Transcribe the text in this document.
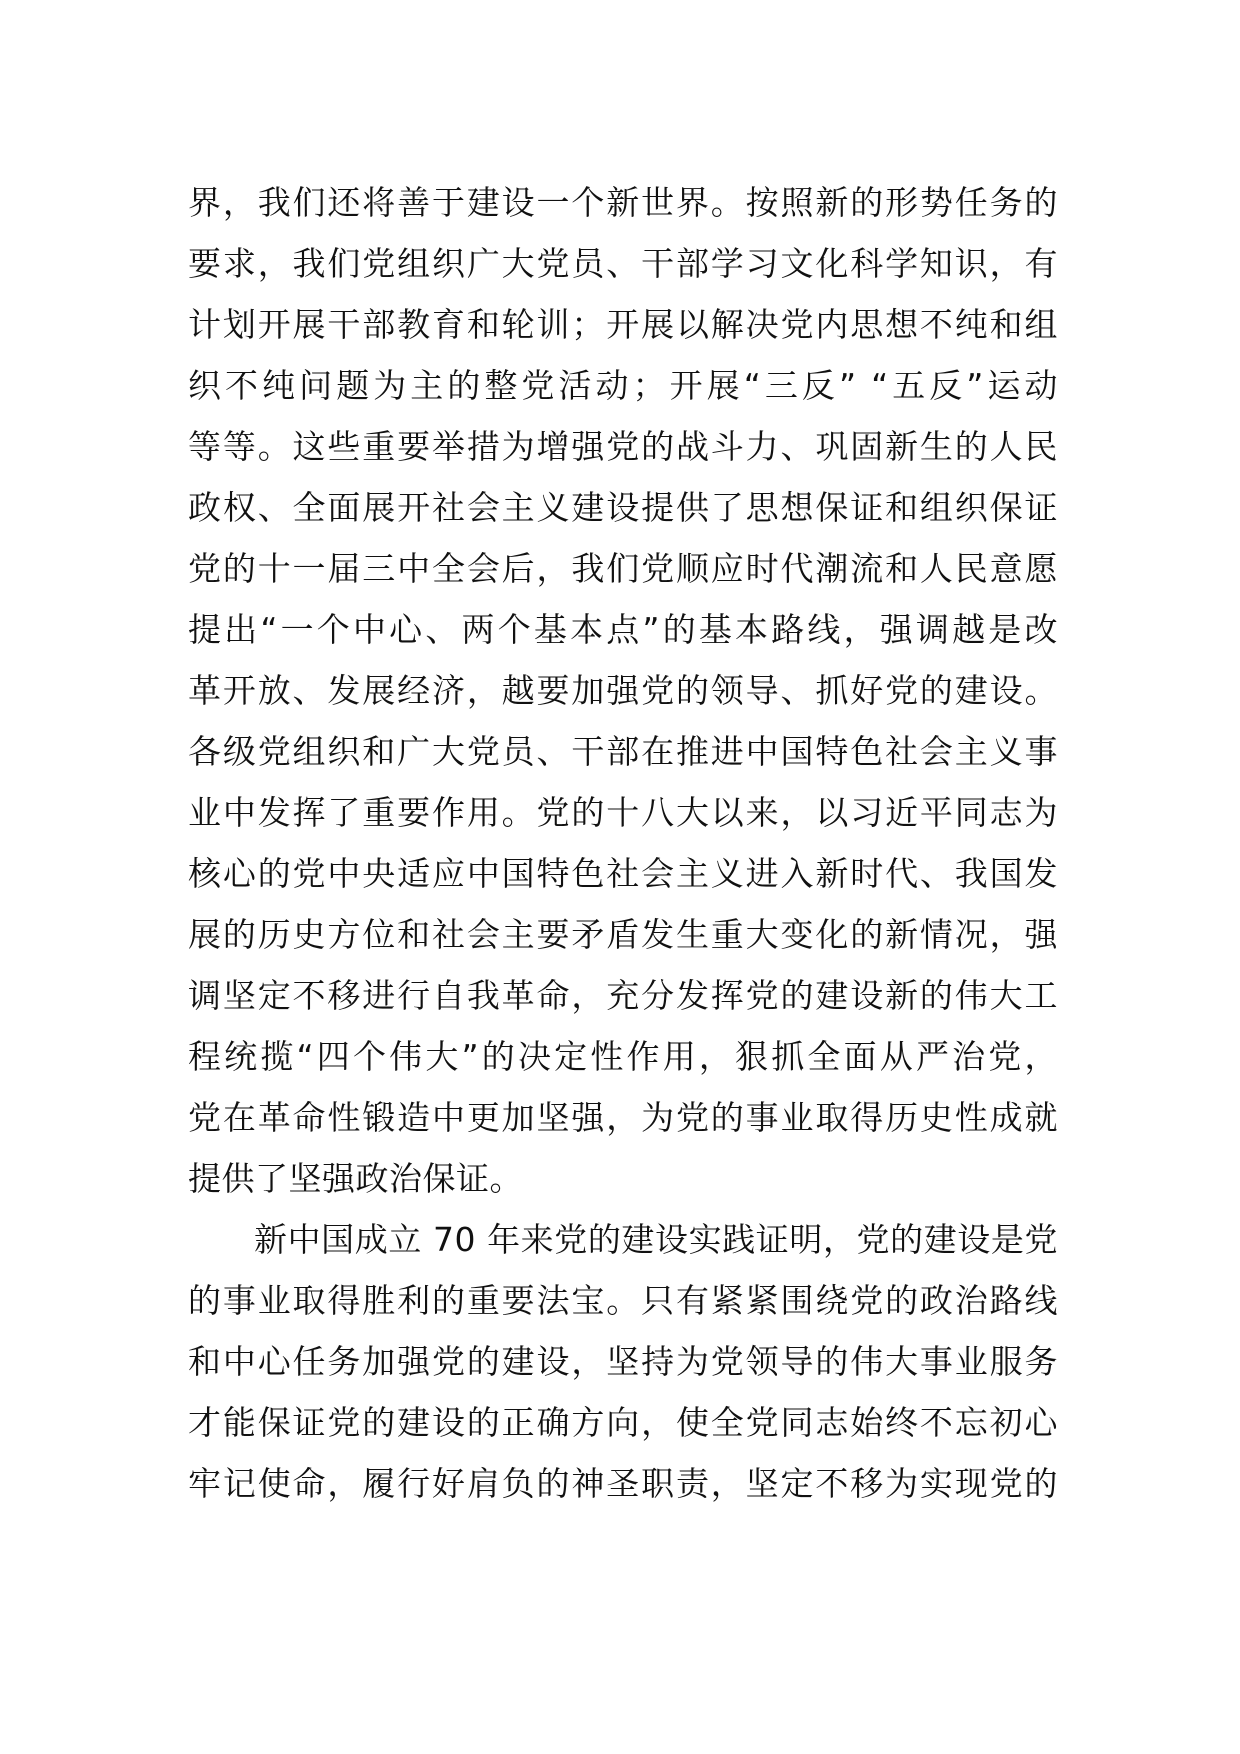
界，我们还将善于建设一个新世界。按照新的形势任务的
要求，我们党组织广大党员、干部学习文化科学知识，有
计划开展干部教育和轮训；开展以解决党内思想不纯和组
织不纯问题为主的整党活动；开展“三反” “五反”运动
等等。这些重要举措为增强党的战斗力、巩固新生的人民
政权、全面展开社会主义建设提供了思想保证和组织保证
党的十一届三中全会后，我们党顺应时代潮流和人民意愿
提出“一个中心、两个基本点”的基本路线，强调越是改
革开放、发展经济，越要加强党的领导、抓好党的建设。
各级党组织和广大党员、干部在推进中国特色社会主义事
业中发挥了重要作用。党的十八大以来，以习近平同志为
核心的党中央适应中国特色社会主义进入新时代、我国发
展的历史方位和社会主要矛盾发生重大变化的新情况，强
调坚定不移进行自我革命，充分发挥党的建设新的伟大工
程统揽“四个伟大”的决定性作用，狠抓全面从严治党，
党在革命性锻造中更加坚强，为党的事业取得历史性成就
提供了坚强政治保证。
新中国成立 70 年来党的建设实践证明，党的建设是党
的事业取得胜利的重要法宝。只有紧紧围绕党的政治路线
和中心任务加强党的建设，坚持为党领导的伟大事业服务
才能保证党的建设的正确方向，使全党同志始终不忘初心
牢记使命，履行好肩负的神圣职责，坚定不移为实现党的
